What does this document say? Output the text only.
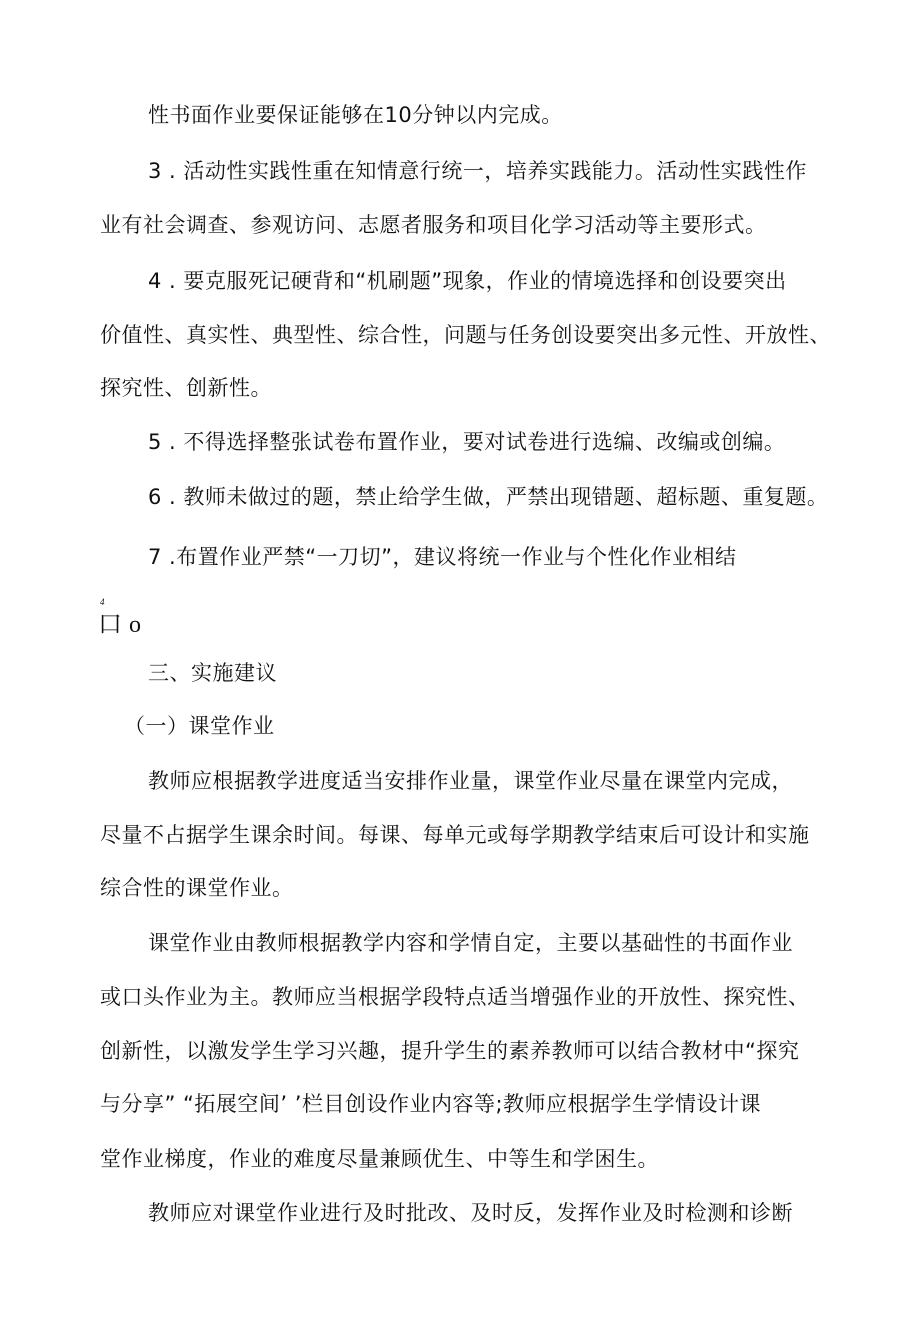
性书面作业要保证能够在10分钟以内完成。
3 . 活动性实践性重在知情意行统一，培养实践能力。活动性实践性作
业有社会调查、参观访问、志愿者服务和项目化学习活动等主要形式。
4 . 要克服死记硬背和“机刷题”现象，作业的情境选择和创设要突出
价值性、真实性、典型性、综合性，问题与任务创设要突出多元性、开放性、
探究性、创新性。
5 . 不得选择整张试卷布置作业，要对试卷进行选编、改编或创编。
6 . 教师未做过的题，禁止给学生做，严禁出现错题、超标题、重复题。
7 .布置作业严禁“一刀切”，建议将统一作业与个性化作业相结
4
口 o
三、实施建议
（一）课堂作业
教师应根据教学进度适当安排作业量，课堂作业尽量在课堂内完成，
尽量不占据学生课余时间。每课、每单元或每学期教学结束后可设计和实施
综合性的课堂作业。
课堂作业由教师根据教学内容和学情自定，主要以基础性的书面作业
或口头作业为主。教师应当根据学段特点适当增强作业的开放性、探究性、
创新性，以激发学生学习兴趣，提升学生的素养教师可以结合教材中“探究
与分享” “拓展空间’ ’栏目创设作业内容等;教师应根据学生学情设计课
堂作业梯度，作业的难度尽量兼顾优生、中等生和学困生。
教师应对课堂作业进行及时批改、及时反，发挥作业及时检测和诊断
